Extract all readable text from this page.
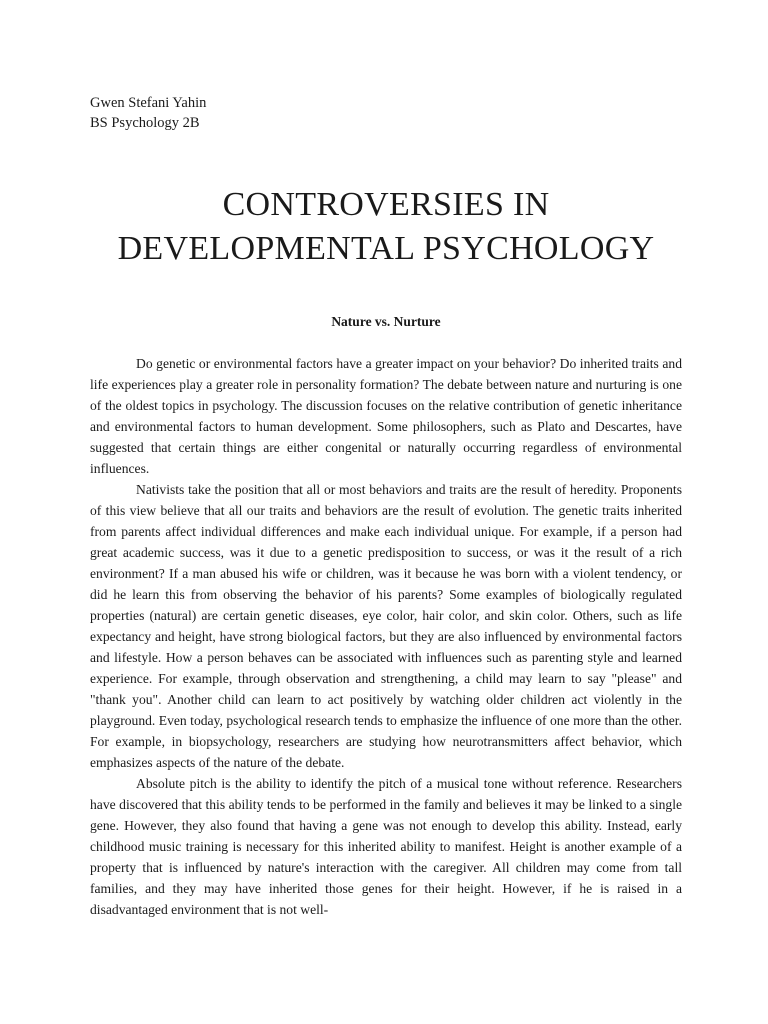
Gwen Stefani Yahin
BS Psychology 2B
CONTROVERSIES IN
DEVELOPMENTAL PSYCHOLOGY
Nature vs. Nurture

Do genetic or environmental factors have a greater impact on your behavior? Do inherited traits and life experiences play a greater role in personality formation? The debate between nature and nurturing is one of the oldest topics in psychology. The discussion focuses on the relative contribution of genetic inheritance and environmental factors to human development. Some philosophers, such as Plato and Descartes, have suggested that certain things are either congenital or naturally occurring regardless of environmental influences.

Nativists take the position that all or most behaviors and traits are the result of heredity. Proponents of this view believe that all our traits and behaviors are the result of evolution. The genetic traits inherited from parents affect individual differences and make each individual unique. For example, if a person had great academic success, was it due to a genetic predisposition to success, or was it the result of a rich environment? If a man abused his wife or children, was it because he was born with a violent tendency, or did he learn this from observing the behavior of his parents? Some examples of biologically regulated properties (natural) are certain genetic diseases, eye color, hair color, and skin color. Others, such as life expectancy and height, have strong biological factors, but they are also influenced by environmental factors and lifestyle. How a person behaves can be associated with influences such as parenting style and learned experience. For example, through observation and strengthening, a child may learn to say "please" and "thank you". Another child can learn to act positively by watching older children act violently in the playground. Even today, psychological research tends to emphasize the influence of one more than the other. For example, in biopsychology, researchers are studying how neurotransmitters affect behavior, which emphasizes aspects of the nature of the debate.

Absolute pitch is the ability to identify the pitch of a musical tone without reference. Researchers have discovered that this ability tends to be performed in the family and believes it may be linked to a single gene. However, they also found that having a gene was not enough to develop this ability. Instead, early childhood music training is necessary for this inherited ability to manifest. Height is another example of a property that is influenced by nature's interaction with the caregiver. All children may come from tall families, and they may have inherited those genes for their height. However, if he is raised in a disadvantaged environment that is not well-
